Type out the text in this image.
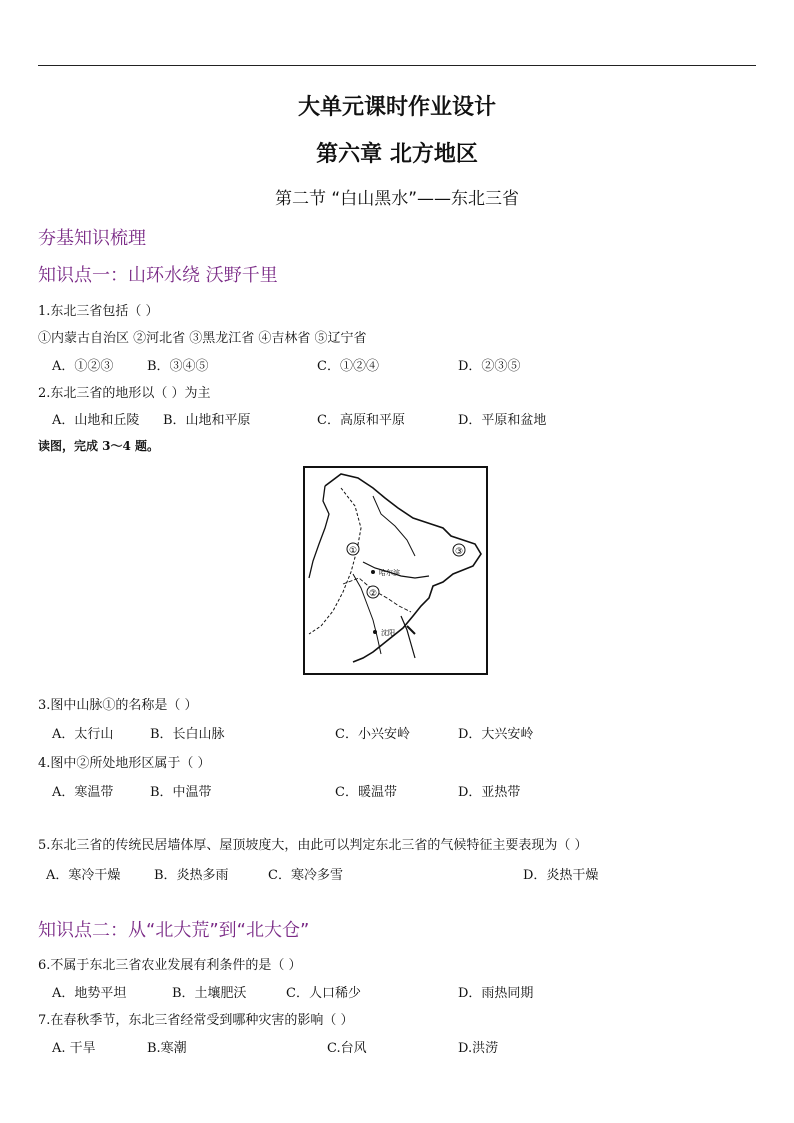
大单元课时作业设计
第六章 北方地区
第二节 “白山黑水”——东北三省
夯基知识梳理
知识点一：山环水绕 沃野千里
1.东北三省包括（ ）
①内蒙古自治区 ②河北省 ③黑龙江省 ④吉林省 ⑤辽宁省
A．①②③	B．③④⑤	C．①②④	D．②③⑤
2.东北三省的地形以（ ）为主
A．山地和丘陵 B．山地和平原	C．高原和平原	D．平原和盆地
读图，完成 3～4 题。
①
②
③
哈尔滨
沈阳
3.图中山脉①的名称是（ ）
A．太行山	B．长白山脉	C．小兴安岭	D．大兴安岭
4.图中②所处地形区属于（ ）
A．寒温带	B．中温带	C．暖温带	D．亚热带
5.东北三省的传统民居墙体厚、屋顶坡度大，由此可以判定东北三省的气候特征主要表现为（ ）
A．寒冷干燥	B．炎热多雨	C．寒冷多雪	D．炎热干燥
知识点二：从“北大荒”到“北大仓”
6.不属于东北三省农业发展有利条件的是（ ）
A．地势平坦	B．土壤肥沃	C．人口稀少	D．雨热同期
7.在春秋季节，东北三省经常受到哪种灾害的影响（ ）
A. 干旱	B.寒潮	C.台风	D.洪涝
